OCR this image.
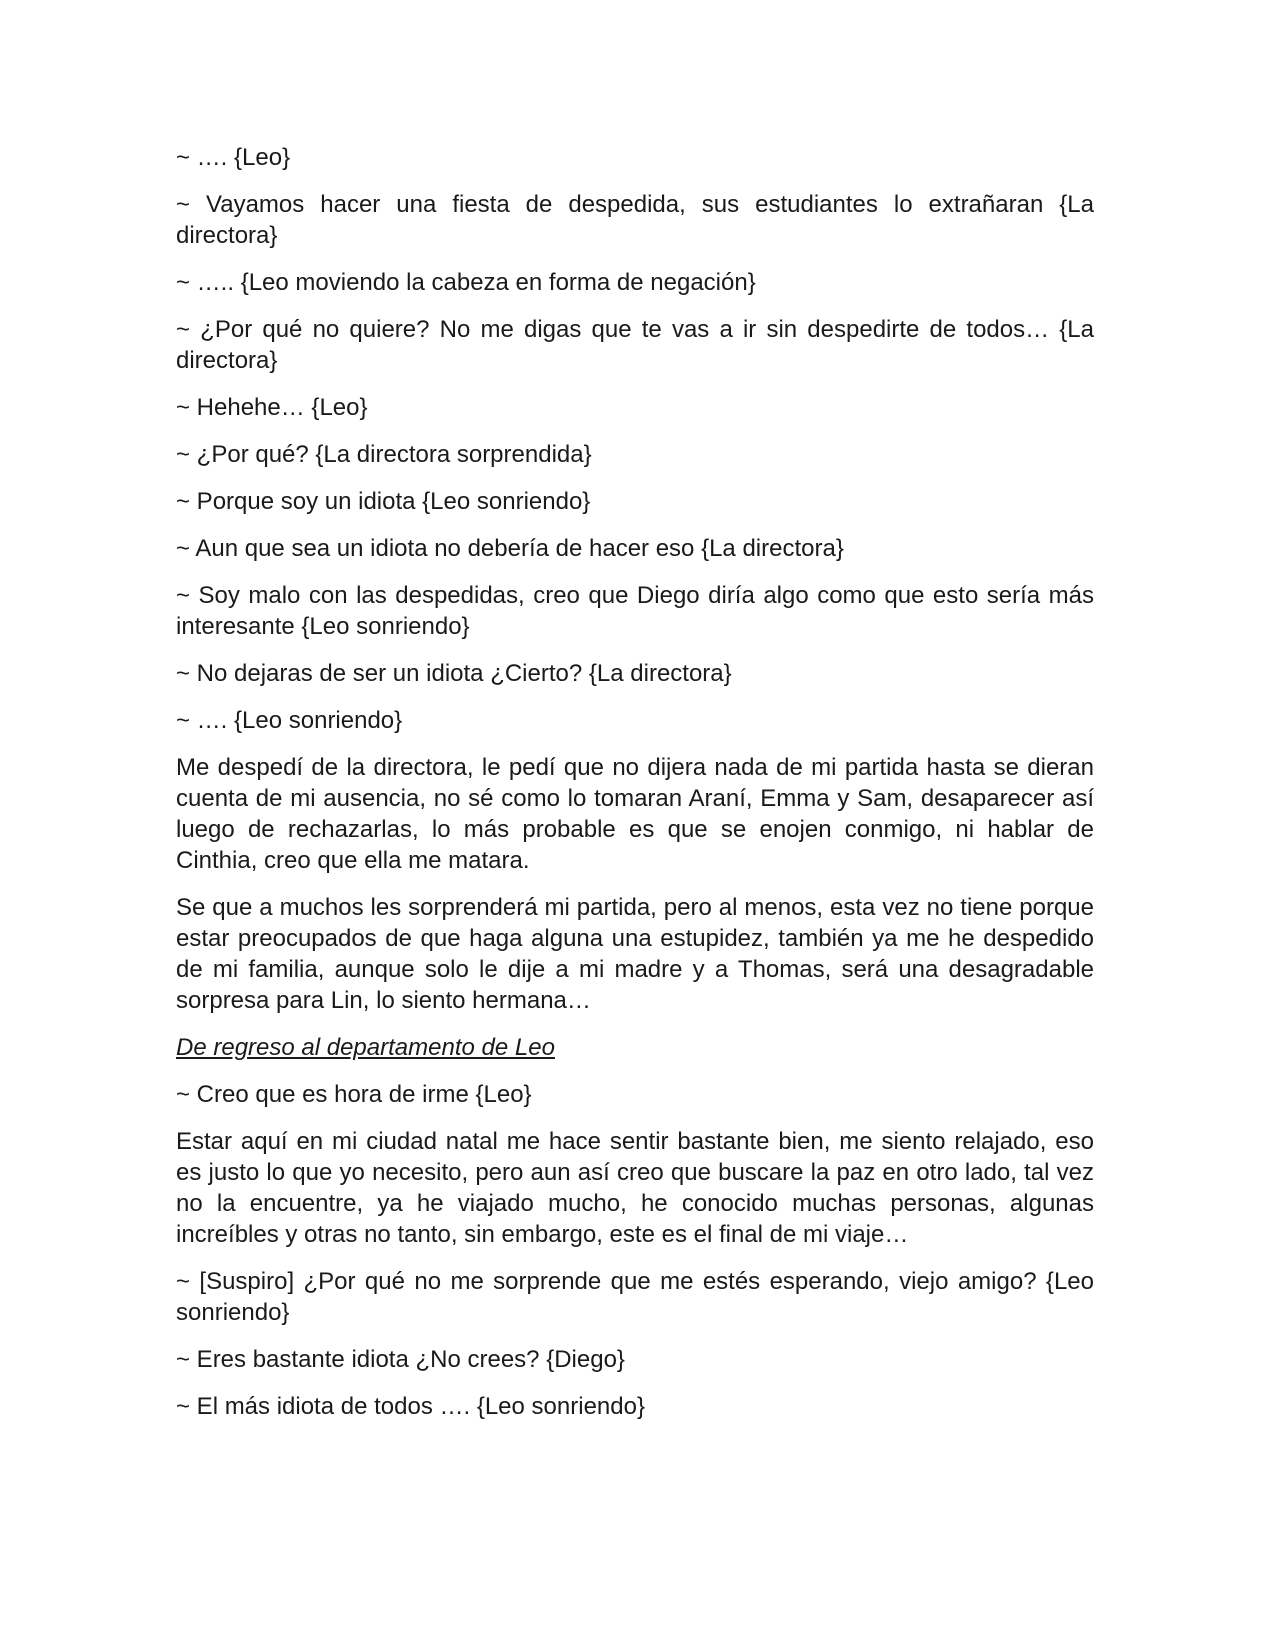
~ …. {Leo}

~ Vayamos hacer una fiesta de despedida, sus estudiantes lo extrañaran {La directora}

~ ….. {Leo moviendo la cabeza en forma de negación}

~ ¿Por qué no quiere? No me digas que te vas a ir sin despedirte de todos… {La directora}

~ Hehehe… {Leo}

~ ¿Por qué? {La directora sorprendida}

~ Porque soy un idiota {Leo sonriendo}

~ Aun que sea un idiota no debería de hacer eso {La directora}

~ Soy malo con las despedidas, creo que Diego diría algo como que esto sería más interesante {Leo sonriendo}

~ No dejaras de ser un idiota ¿Cierto? {La directora}

~ …. {Leo sonriendo}

Me despedí de la directora, le pedí que no dijera nada de mi partida hasta se dieran cuenta de mi ausencia, no sé como lo tomaran Araní, Emma y Sam, desaparecer así luego de rechazarlas, lo más probable es que se enojen conmigo, ni hablar de Cinthia, creo que ella me matara.

Se que a muchos les sorprenderá mi partida, pero al menos, esta vez no tiene porque estar preocupados de que haga alguna una estupidez, también ya me he despedido de mi familia, aunque solo le dije a mi madre y a Thomas, será una desagradable sorpresa para Lin, lo siento hermana…

De regreso al departamento de Leo

~ Creo que es hora de irme {Leo}

Estar aquí en mi ciudad natal me hace sentir bastante bien, me siento relajado, eso es justo lo que yo necesito, pero aun así creo que buscare la paz en otro lado, tal vez no la encuentre, ya he viajado mucho, he conocido muchas personas, algunas increíbles y otras no tanto, sin embargo, este es el final de mi viaje…

~ [Suspiro] ¿Por qué no me sorprende que me estés esperando, viejo amigo? {Leo sonriendo}

~ Eres bastante idiota ¿No crees? {Diego}

~ El más idiota de todos …. {Leo sonriendo}
